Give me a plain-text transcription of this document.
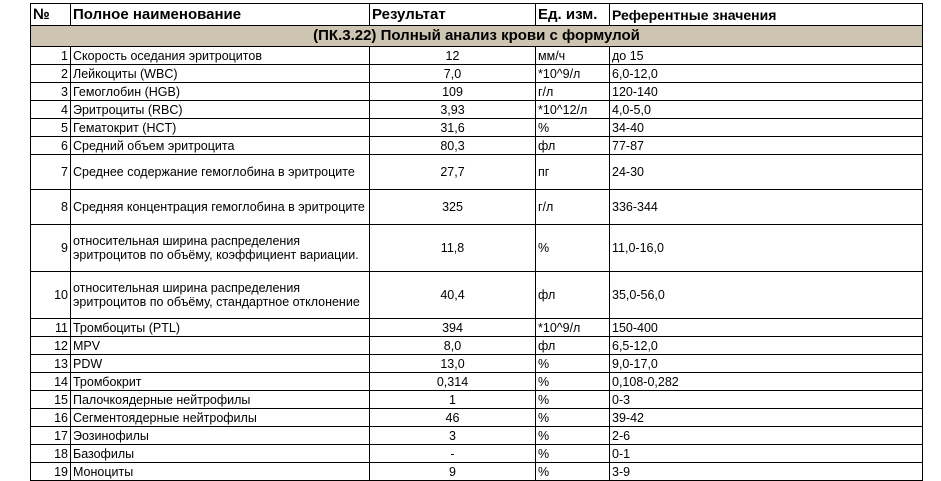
№	Полное наименование	Результат	Ед. изм.	Референтные значения
(ПК.3.22) Полный анализ крови с формулой				
1	Скорость оседания эритроцитов	12	мм/ч	до 15
2	Лейкоциты (WBC)	7,0	*10^9/л	6,0-12,0
3	Гемоглобин (HGB)	109	г/л	120-140
4	Эритроциты (RBC)	3,93	*10^12/л	4,0-5,0
5	Гематокрит (HCT)	31,6	%	34-40
6	Средний объем эритроцита	80,3	фл	77-87
7	Среднее содержание гемоглобина в эритроците	27,7	пг	24-30
8	Средняя концентрация гемоглобина в эритроците	325	г/л	336-344
9	относительная ширина распределения эритроцитов по объёму, коэффициент вариации.	11,8	%	11,0-16,0
10	относительная ширина распределения эритроцитов по объёму, стандартное отклонение	40,4	фл	35,0-56,0
11	Тромбоциты (PTL)	394	*10^9/л	150-400
12	MPV	8,0	фл	6,5-12,0
13	PDW	13,0	%	9,0-17,0
14	Тромбокрит	0,314	%	0,108-0,282
15	Палочкоядерные нейтрофилы	1	%	0-3
16	Сегментоядерные нейтрофилы	46	%	39-42
17	Эозинофилы	3	%	2-6
18	Базофилы	-	%	0-1
19	Моноциты	9	%	3-9
